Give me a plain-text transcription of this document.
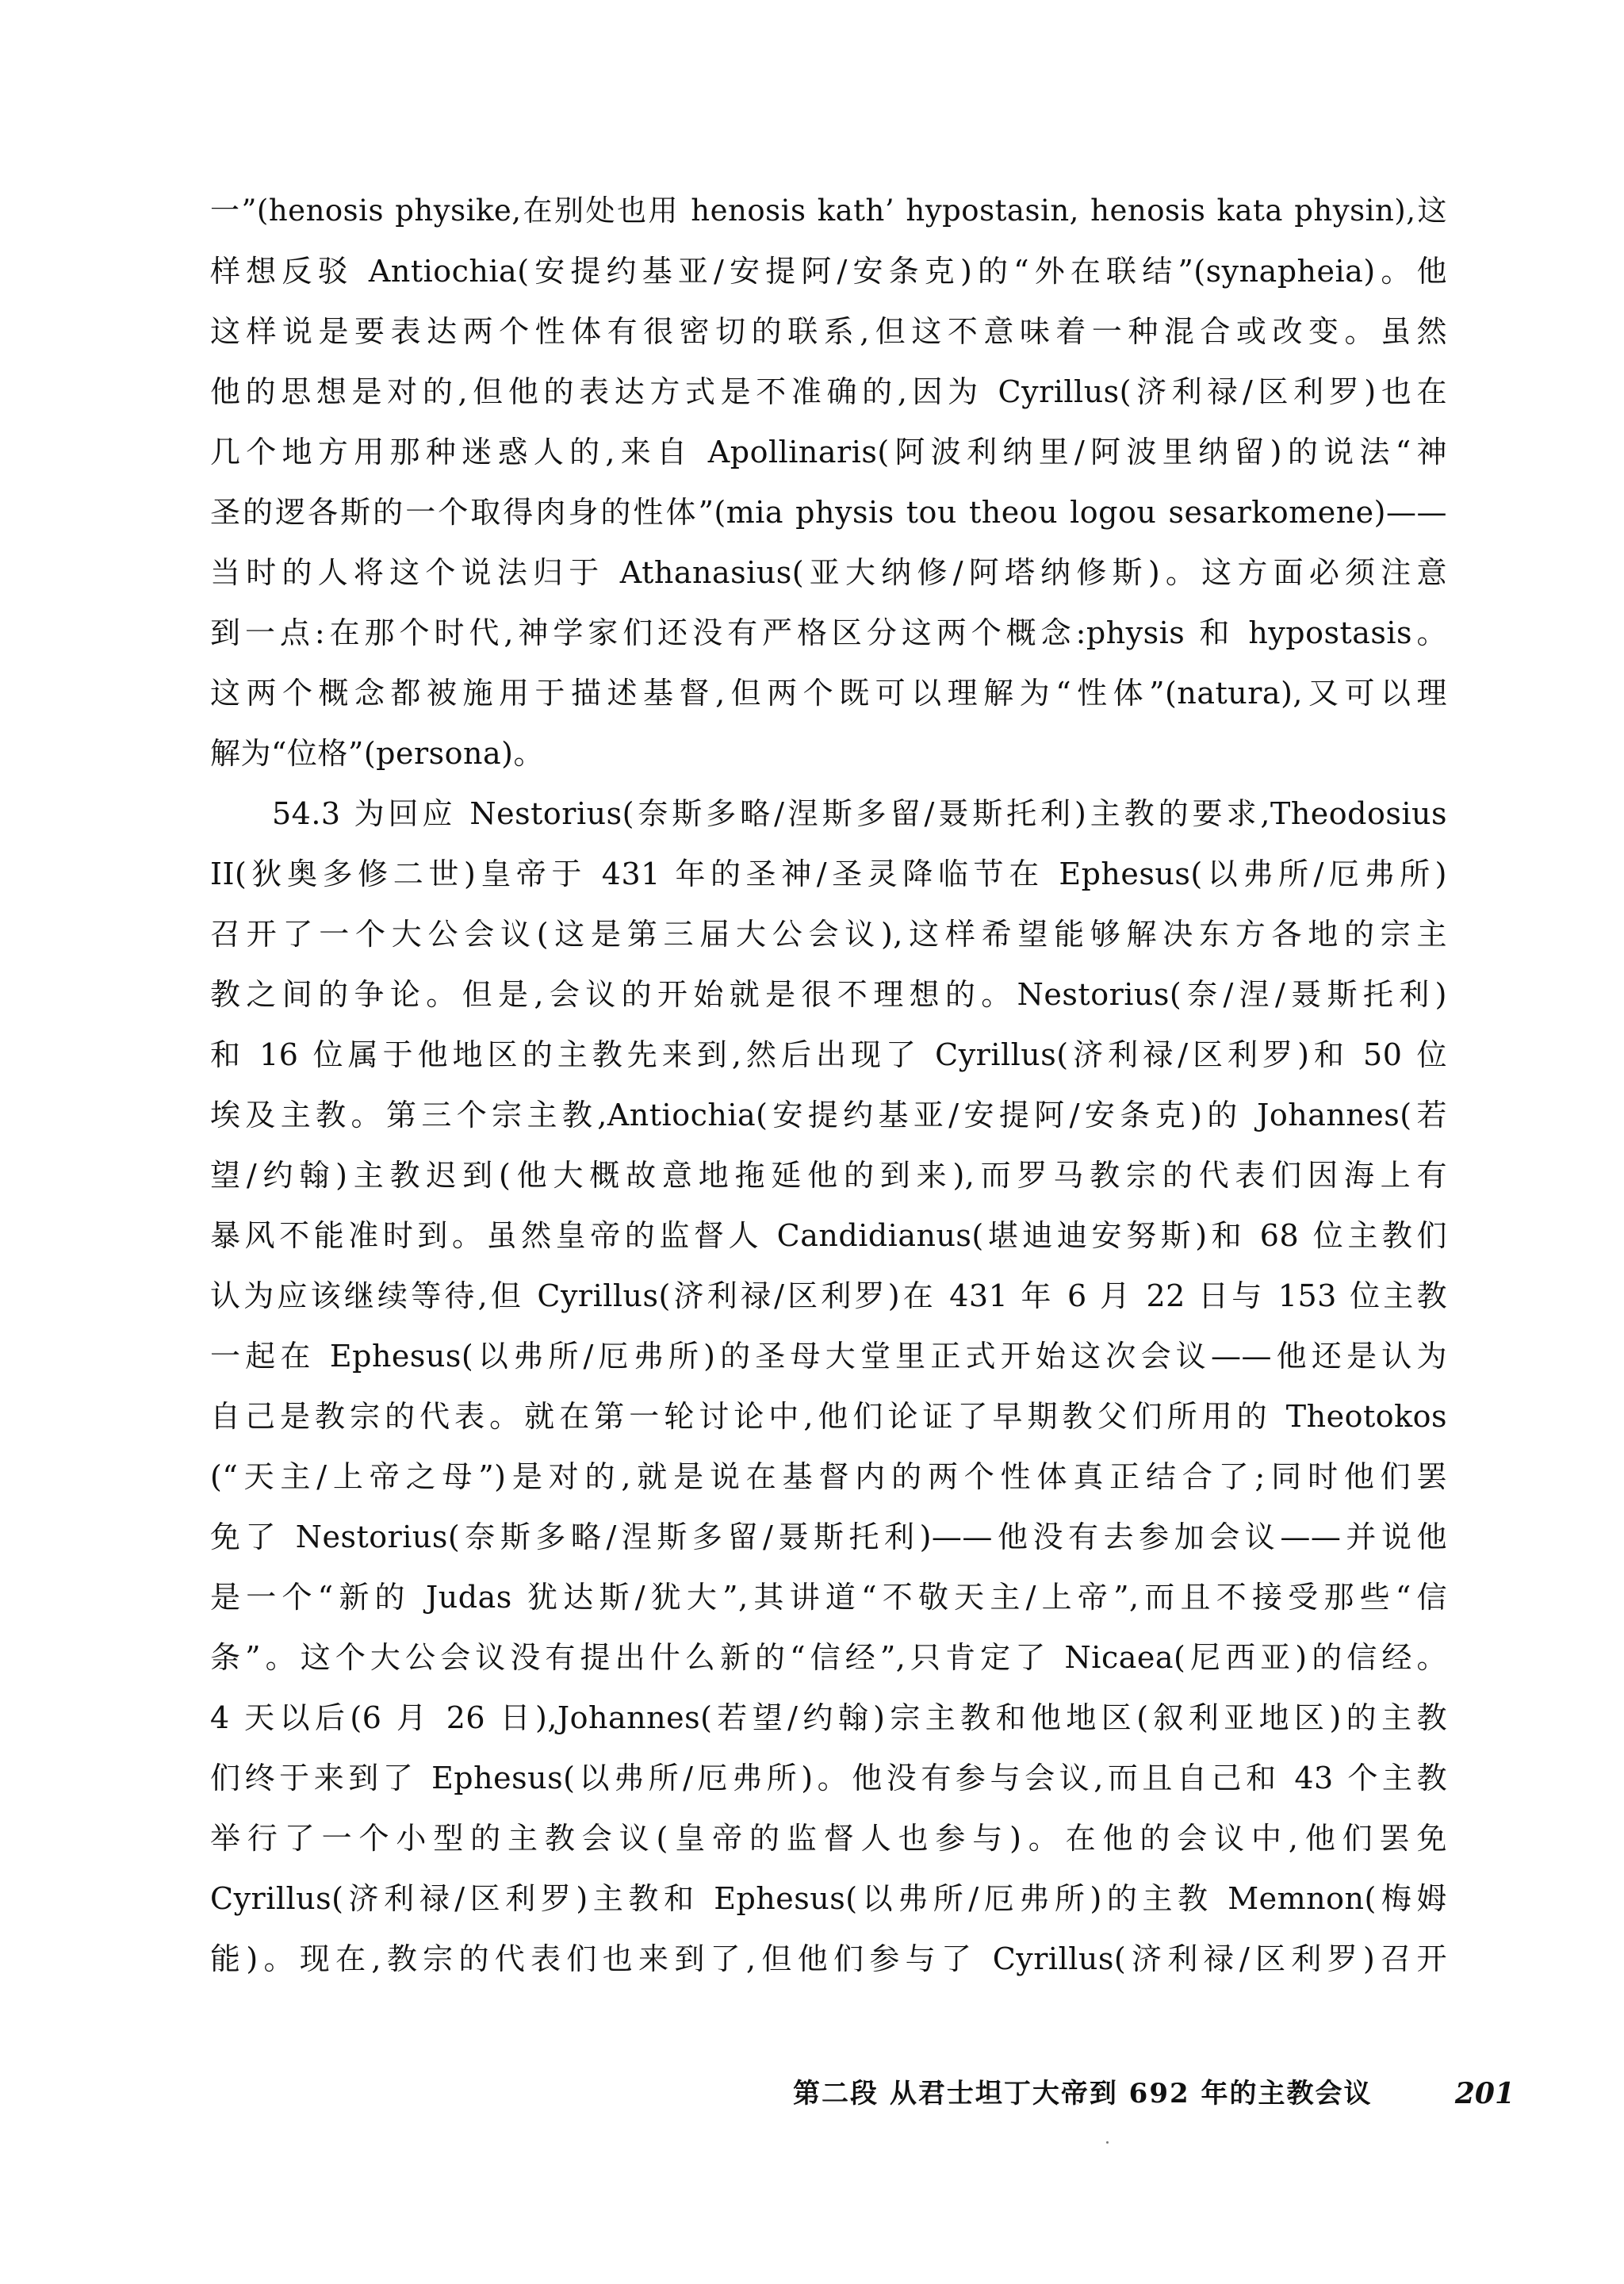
一”(henosis physike,在别处也用 henosis kath’ hypostasin, henosis kata physin),这
样想反驳 Antiochia(安提约基亚/安提阿/安条克)的“外在联结”(synapheia)。他
这样说是要表达两个性体有很密切的联系,但这不意味着一种混合或改变。虽然
他的思想是对的,但他的表达方式是不准确的,因为 Cyrillus(济利禄/区利罗)也在
几个地方用那种迷惑人的,来自 Apollinaris(阿波利纳里/阿波里纳留)的说法“神
圣的逻各斯的一个取得肉身的性体”(mia physis tou theou logou sesarkomene)——
当时的人将这个说法归于 Athanasius(亚大纳修/阿塔纳修斯)。这方面必须注意
到一点:在那个时代,神学家们还没有严格区分这两个概念:physis 和 hypostasis。
这两个概念都被施用于描述基督,但两个既可以理解为“性体”(natura),又可以理
解为“位格”(persona)。
54.3 为回应 Nestorius(奈斯多略/涅斯多留/聂斯托利)主教的要求,Theodosius
II(狄奥多修二世)皇帝于 431 年的圣神/圣灵降临节在 Ephesus(以弗所/厄弗所)
召开了一个大公会议(这是第三届大公会议),这样希望能够解决东方各地的宗主
教之间的争论。但是,会议的开始就是很不理想的。Nestorius(奈/涅/聂斯托利)
和 16 位属于他地区的主教先来到,然后出现了 Cyrillus(济利禄/区利罗)和 50 位
埃及主教。第三个宗主教,Antiochia(安提约基亚/安提阿/安条克)的 Johannes(若
望/约翰)主教迟到(他大概故意地拖延他的到来),而罗马教宗的代表们因海上有
暴风不能准时到。虽然皇帝的监督人 Candidianus(堪迪迪安努斯)和 68 位主教们
认为应该继续等待,但 Cyrillus(济利禄/区利罗)在 431 年 6 月 22 日与 153 位主教
一起在 Ephesus(以弗所/厄弗所)的圣母大堂里正式开始这次会议——他还是认为
自己是教宗的代表。就在第一轮讨论中,他们论证了早期教父们所用的 Theotokos
(“天主/上帝之母”)是对的,就是说在基督内的两个性体真正结合了;同时他们罢
免了 Nestorius(奈斯多略/涅斯多留/聂斯托利)——他没有去参加会议——并说他
是一个“新的 Judas 犹达斯/犹大”,其讲道“不敬天主/上帝”,而且不接受那些“信
条”。这个大公会议没有提出什么新的“信经”,只肯定了 Nicaea(尼西亚)的信经。
4 天以后(6 月 26 日),Johannes(若望/约翰)宗主教和他地区(叙利亚地区)的主教
们终于来到了 Ephesus(以弗所/厄弗所)。他没有参与会议,而且自己和 43 个主教
举行了一个小型的主教会议(皇帝的监督人也参与)。在他的会议中,他们罢免
Cyrillus(济利禄/区利罗)主教和 Ephesus(以弗所/厄弗所)的主教 Memnon(梅姆
能)。现在,教宗的代表们也来到了,但他们参与了 Cyrillus(济利禄/区利罗)召开
第二段 从君士坦丁大帝到 692 年的主教会议	201
